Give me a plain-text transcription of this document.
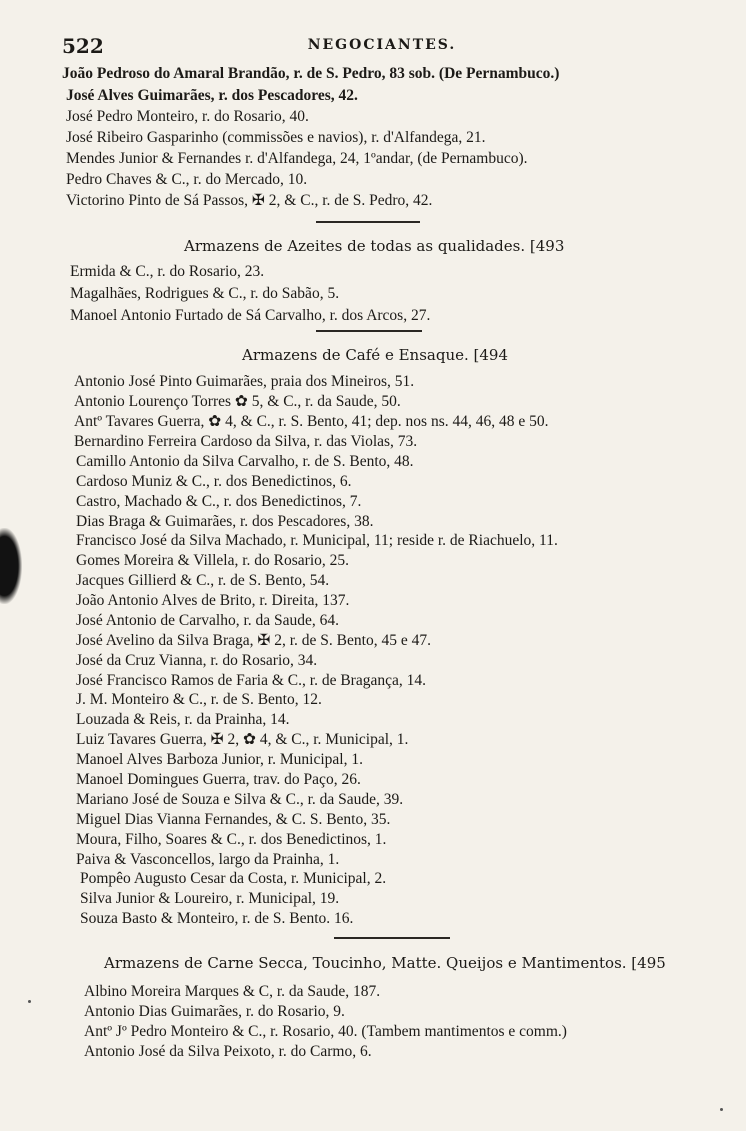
522	NEGOCIANTES.
João Pedroso do Amaral Brandão, r. de S. Pedro, 83 sob. (De Pernambuco.)
José Alves Guimarães, r. dos Pescadores, 42.
José Pedro Monteiro, r. do Rosario, 40.
José Ribeiro Gasparinho (commissões e navios), r. d'Alfandega, 21.
Mendes Junior & Fernandes r. d'Alfandega, 24, 1ºandar, (de Pernambuco).
Pedro Chaves & C., r. do Mercado, 10.
Victorino Pinto de Sá Passos, ✠ 2, & C., r. de S. Pedro, 42.
Armazens de Azeites de todas as qualidades. [493
Ermida & C., r. do Rosario, 23.
Magalhães, Rodrigues & C., r. do Sabão, 5.
Manoel Antonio Furtado de Sá Carvalho, r. dos Arcos, 27.
Armazens de Café e Ensaque. [494
Antonio José Pinto Guimarães, praia dos Mineiros, 51.
Antonio Lourenço Torres ✿ 5, & C., r. da Saude, 50.
Antº Tavares Guerra, ✿ 4, & C., r. S. Bento, 41; dep. nos ns. 44, 46, 48 e 50.
Bernardino Ferreira Cardoso da Silva, r. das Violas, 73.
Camillo Antonio da Silva Carvalho, r. de S. Bento, 48.
Cardoso Muniz & C., r. dos Benedictinos, 6.
Castro, Machado & C., r. dos Benedictinos, 7.
Dias Braga & Guimarães, r. dos Pescadores, 38.
Francisco José da Silva Machado, r. Municipal, 11; reside r. de Riachuelo, 11.
Gomes Moreira & Villela, r. do Rosario, 25.
Jacques Gillierd & C., r. de S. Bento, 54.
João Antonio Alves de Brito, r. Direita, 137.
José Antonio de Carvalho, r. da Saude, 64.
José Avelino da Silva Braga, ✠ 2, r. de S. Bento, 45 e 47.
José da Cruz Vianna, r. do Rosario, 34.
José Francisco Ramos de Faria & C., r. de Bragança, 14.
J. M. Monteiro & C., r. de S. Bento, 12.
Louzada & Reis, r. da Prainha, 14.
Luiz Tavares Guerra, ✠ 2, ✿ 4, & C., r. Municipal, 1.
Manoel Alves Barboza Junior, r. Municipal, 1.
Manoel Domingues Guerra, trav. do Paço, 26.
Mariano José de Souza e Silva & C., r. da Saude, 39.
Miguel Dias Vianna Fernandes, & C. S. Bento, 35.
Moura, Filho, Soares & C., r. dos Benedictinos, 1.
Paiva & Vasconcellos, largo da Prainha, 1.
Pompêo Augusto Cesar da Costa, r. Municipal, 2.
Silva Junior & Loureiro, r. Municipal, 19.
Souza Basto & Monteiro, r. de S. Bento. 16.
Armazens de Carne Secca, Toucinho, Matte. Queijos e Mantimentos. [495
Albino Moreira Marques & C, r. da Saude, 187.
Antonio Dias Guimarães, r. do Rosario, 9.
Antº Jº Pedro Monteiro & C., r. Rosario, 40. (Tambem mantimentos e comm.)
Antonio José da Silva Peixoto, r. do Carmo, 6.
